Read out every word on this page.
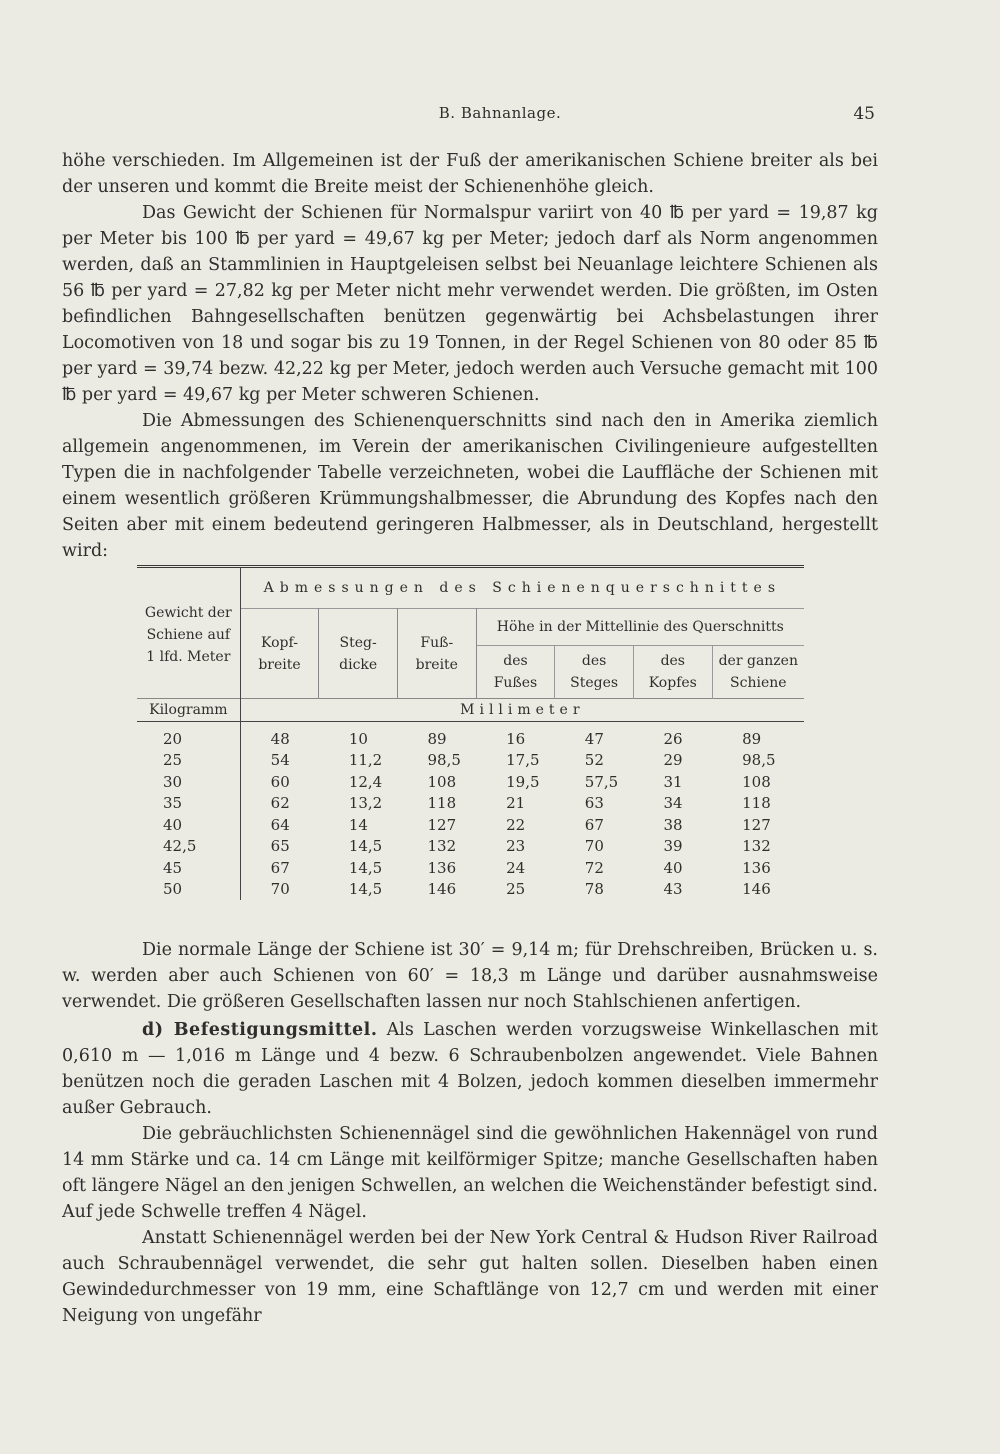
B. Bahnanlage.	45

höhe verschieden. Im Allgemeinen ist der Fuß der amerikanischen Schiene breiter als bei der unseren und kommt die Breite meist der Schienenhöhe gleich.

Das Gewicht der Schienen für Normalspur variirt von 40 ℔ per yard = 19,87 kg per Meter bis 100 ℔ per yard = 49,67 kg per Meter; jedoch darf als Norm angenommen werden, daß an Stammlinien in Hauptgeleisen selbst bei Neuanlage leichtere Schienen als 56 ℔ per yard = 27,82 kg per Meter nicht mehr verwendet werden. Die größten, im Osten befindlichen Bahngesellschaften benützen gegenwärtig bei Achsbelastungen ihrer Locomotiven von 18 und sogar bis zu 19 Tonnen, in der Regel Schienen von 80 oder 85 ℔ per yard = 39,74 bezw. 42,22 kg per Meter, jedoch werden auch Versuche gemacht mit 100 ℔ per yard = 49,67 kg per Meter schweren Schienen.

Die Abmessungen des Schienenquerschnitts sind nach den in Amerika ziemlich allgemein angenommenen, im Verein der amerikanischen Civilingenieure aufgestellten Typen die in nachfolgender Tabelle verzeichneten, wobei die Lauffläche der Schienen mit einem wesentlich größeren Krümmungshalbmesser, die Abrundung des Kopfes nach den Seiten aber mit einem bedeutend geringeren Halbmesser, als in Deutschland, hergestellt wird:

Gewicht der Schiene auf 1 lfd. Meter	Abmessungen des Schienenquerschnittes						
	Kopf-breite	Steg-dicke	Fuß-breite	Höhe in der Mittellinie des Querschnitts			
				des Fußes	des Steges	des Kopfes	der ganzen Schiene
Kilogramm	Millimeter						
20	48	10	89	16	47	26	89
25	54	11,2	98,5	17,5	52	29	98,5
30	60	12,4	108	19,5	57,5	31	108
35	62	13,2	118	21	63	34	118
40	64	14	127	22	67	38	127
42,5	65	14,5	132	23	70	39	132
45	67	14,5	136	24	72	40	136
50	70	14,5	146	25	78	43	146

Die normale Länge der Schiene ist 30′ = 9,14 m; für Drehschreiben, Brücken u. s. w. werden aber auch Schienen von 60′ = 18,3 m Länge und darüber ausnahmsweise verwendet. Die größeren Gesellschaften lassen nur noch Stahlschienen anfertigen.

d) Befestigungsmittel. Als Laschen werden vorzugsweise Winkellaschen mit 0,610 m — 1,016 m Länge und 4 bezw. 6 Schraubenbolzen angewendet. Viele Bahnen benützen noch die geraden Laschen mit 4 Bolzen, jedoch kommen dieselben immermehr außer Gebrauch.

Die gebräuchlichsten Schienennägel sind die gewöhnlichen Hakennägel von rund 14 mm Stärke und ca. 14 cm Länge mit keilförmiger Spitze; manche Gesellschaften haben oft längere Nägel an den jenigen Schwellen, an welchen die Weichenständer befestigt sind. Auf jede Schwelle treffen 4 Nägel.

Anstatt Schienennägel werden bei der New York Central & Hudson River Railroad auch Schraubennägel verwendet, die sehr gut halten sollen. Dieselben haben einen Gewindedurchmesser von 19 mm, eine Schaftlänge von 12,7 cm und werden mit einer Neigung von ungefähr
